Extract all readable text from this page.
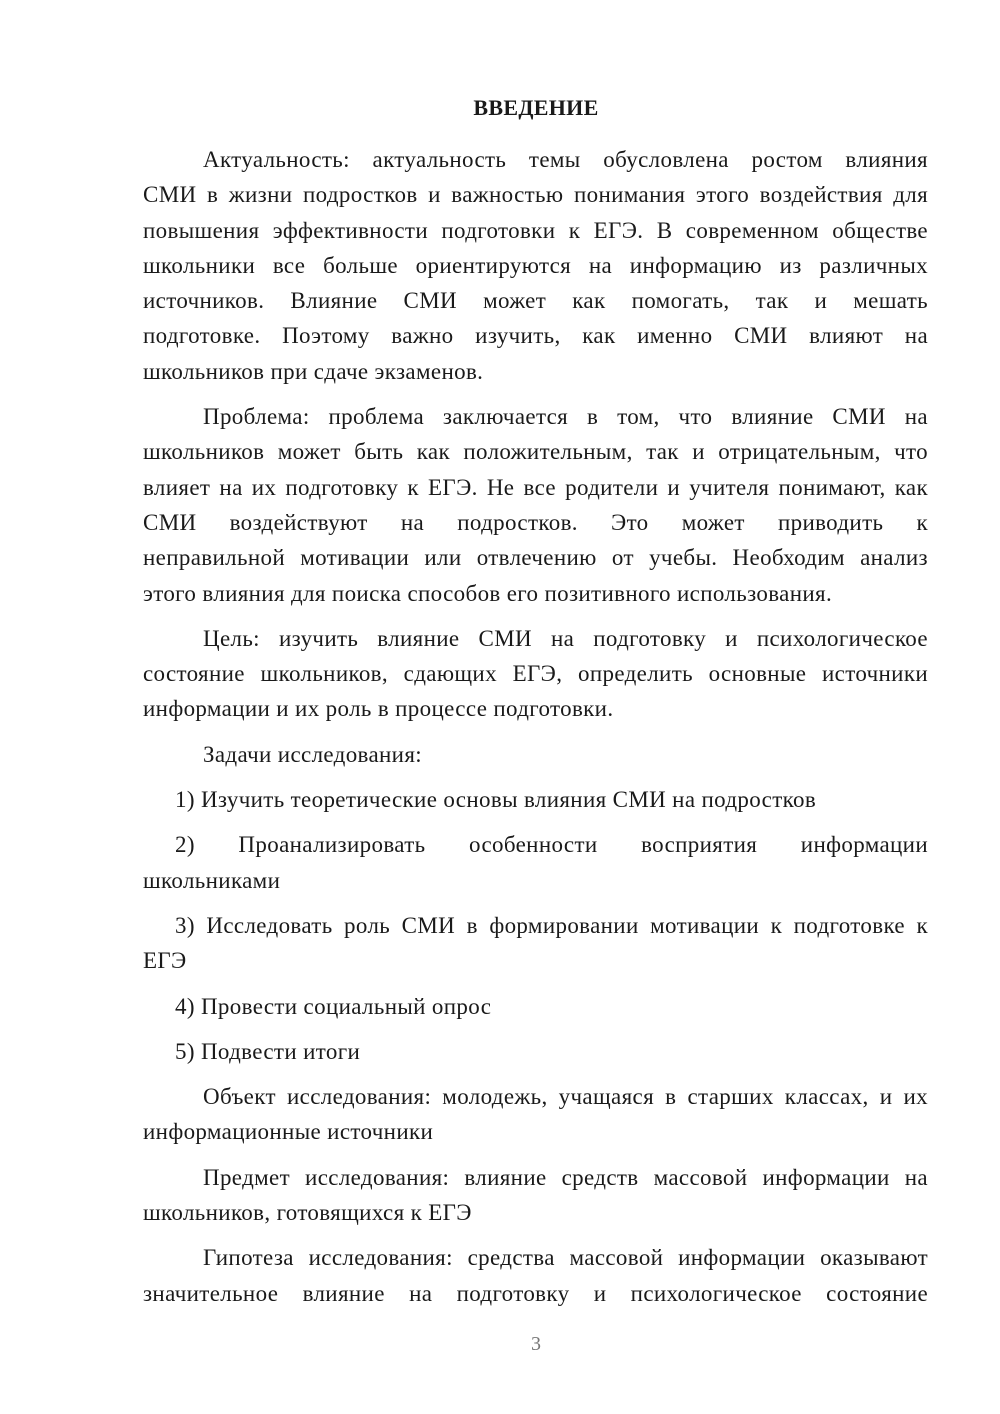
ВВЕДЕНИЕ
Актуальность: актуальность темы обусловлена ростом влияния
СМИ в жизни подростков и важностью понимания этого воздействия для
повышения эффективности подготовки к ЕГЭ. В современном обществе
школьники все больше ориентируются на информацию из различных
источников. Влияние СМИ может как помогать, так и мешать
подготовке. Поэтому важно изучить, как именно СМИ влияют на
школьников при сдаче экзаменов.
Проблема: проблема заключается в том, что влияние СМИ на
школьников может быть как положительным, так и отрицательным, что
влияет на их подготовку к ЕГЭ. Не все родители и учителя понимают, как
СМИ воздействуют на подростков. Это может приводить к
неправильной мотивации или отвлечению от учебы. Необходим анализ
этого влияния для поиска способов его позитивного использования.
Цель: изучить влияние СМИ на подготовку и психологическое
состояние школьников, сдающих ЕГЭ, определить основные источники
информации и их роль в процессе подготовки.
Задачи исследования:
1) Изучить теоретические основы влияния СМИ на подростков
2) Проанализировать особенности восприятия информации
школьниками
3) Исследовать роль СМИ в формировании мотивации к подготовке к
ЕГЭ
4) Провести социальный опрос
5) Подвести итоги
Объект исследования: молодежь, учащаяся в старших классах, и их
информационные источники
Предмет исследования: влияние средств массовой информации на
школьников, готовящихся к ЕГЭ
Гипотеза исследования: средства массовой информации оказывают
значительное влияние на подготовку и психологическое состояние
3
